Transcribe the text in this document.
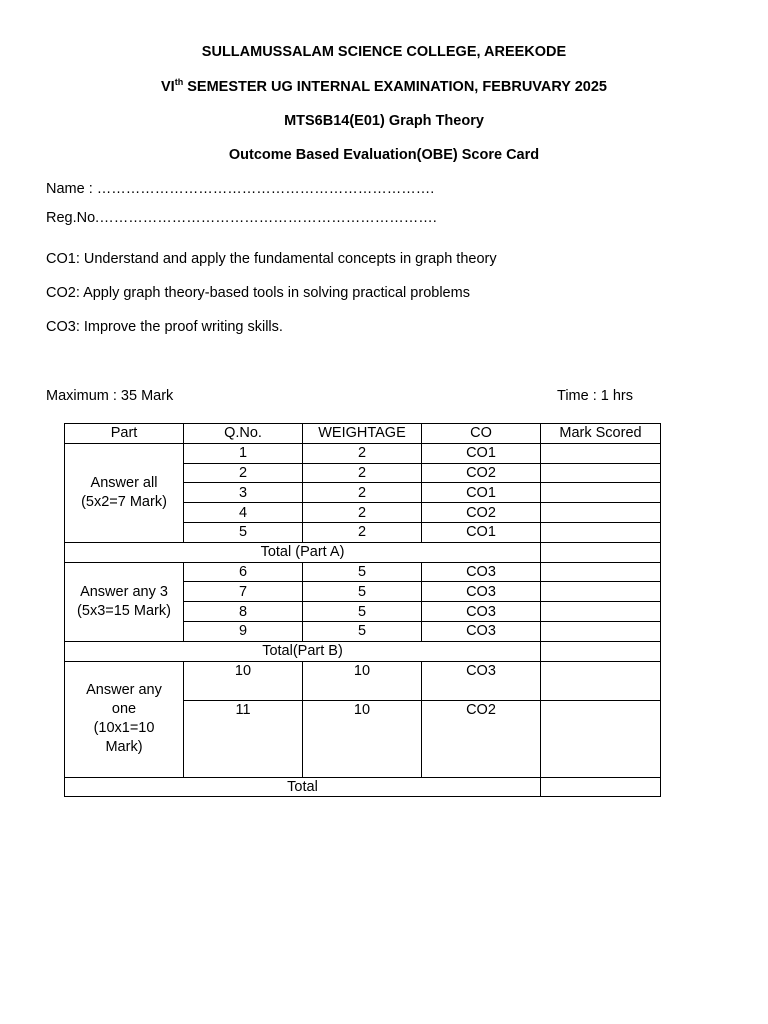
SULLAMUSSALAM SCIENCE COLLEGE, AREEKODE
VIth SEMESTER UG INTERNAL EXAMINATION, FEBRUVARY 2025
MTS6B14(E01) Graph Theory
Outcome Based Evaluation(OBE) Score Card
Name : …………………………………………………………….
Reg.No.…………………………………………………………….
CO1: Understand and apply the fundamental concepts in graph theory
CO2: Apply graph theory-based tools in solving practical problems
CO3: Improve the proof writing skills.
Maximum : 35 Mark	Time : 1 hrs
Part	Q.No.	WEIGHTAGE	CO	Mark Scored

Answer all
(5x2=7 Mark)	1	2	CO1	
	2	2	CO2	
	3	2	CO1	
	4	2	CO2	
	5	2	CO1	
Total (Part A)				

Answer any 3
(5x3=15 Mark)	6	5	CO3	
	7	5	CO3	
	8	5	CO3	
	9	5	CO3	
Total(Part B)				

Answer any
one
(10x1=10
Mark)	10	10	CO3	
	11	10	CO2	
Total				
